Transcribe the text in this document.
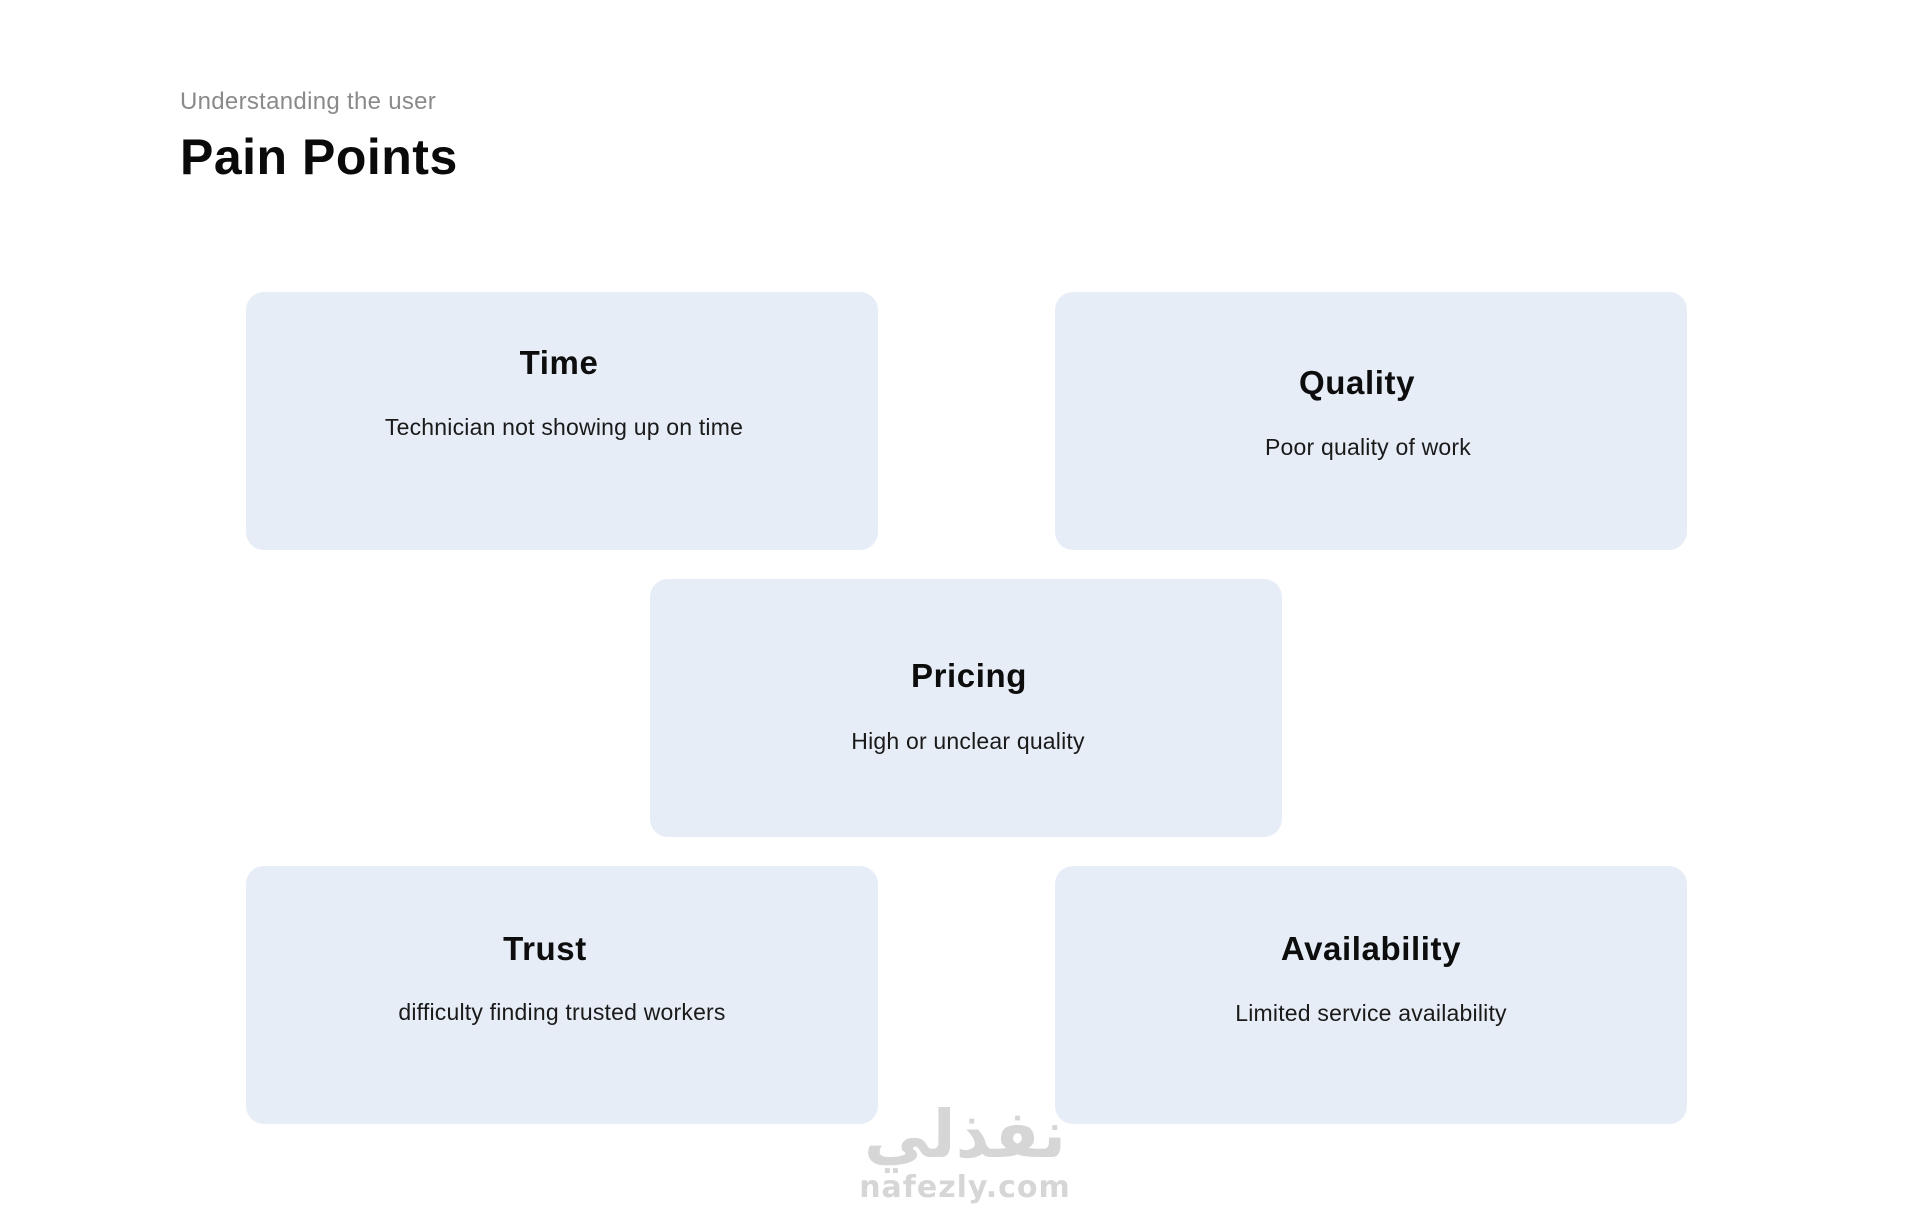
Understanding the user

Pain Points
Time

Technician not showing up on time

Quality

Poor quality of work

Pricing

High or unclear quality

Trust

difficulty finding trusted workers

Availability

Limited service availability

نفذلي
nafezly.com
